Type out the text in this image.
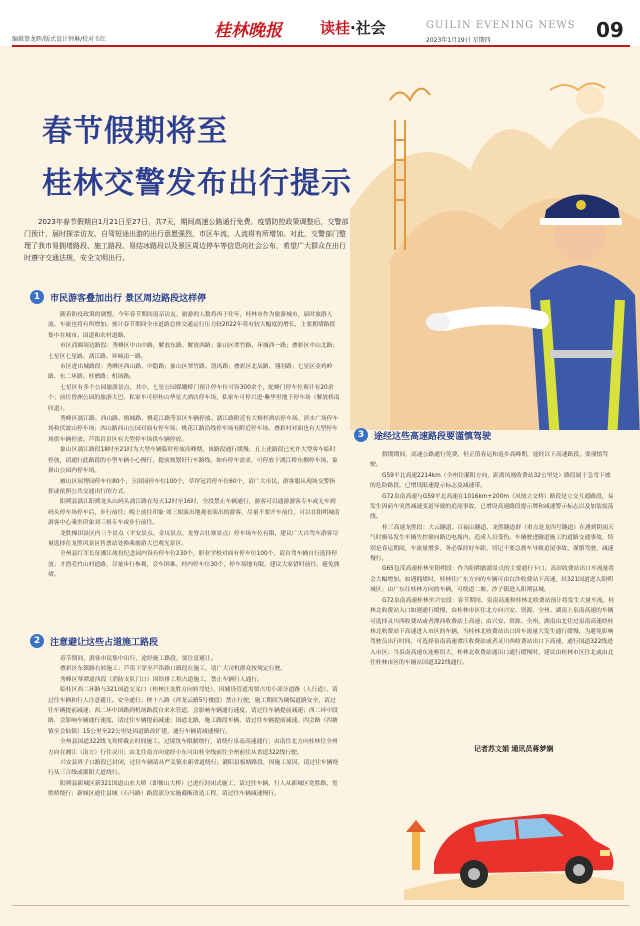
编辑曾龙晖/版式设计钟琳/校对韦红	桂林晚报	读桂·社会	GUILIN EVENING NEWS
2023年1月19日 星期四	09
春节假期将至
桂林交警发布出行提示
2023年春节假期自1月21日至27日，共7天，期间高速公路通行免费。疫情防控政策调整后，交警部门预计，届时探亲访友、自驾短途出游的出行意愿强烈，市区车流、人流将有所增加。对此，交警部门整理了我市易拥堵路段、施工路段、易结冰路段以及景区周边停车等信息向社会公布，希望广大群众在出行时遵守交通法规，安全文明出行。
1	市民游客叠加出行 景区周边路段这样停

随着防疫政策的调整，今年春节期间返亲访友、旅游的人数将再于往年，桂林市作为旅游城市，届时旅游人流、车流也将有所增加。预计春节期间全市道路总体交通运行压力较2022年将有较大幅度的增长，主要拥堵路段集中在城市、国道和农村道路。

市区商圈周边路段：秀峰区中山中路、解放东路、解放西路；象山区翠竹路、环城西一路；叠彩区中山北路；七星区七星路、漓江路、环城南一路。

市区进出城路段：秀峰区西山路、中隐路；象山区翠竹路、凯风路；叠彩区北辰路、翎羽路；七星区金鸡岭路、东二环路、桂磨路；机场路。

七星区有多个公园旅游景点，其中，七星公园媒雕桥门预计停车位可容300余个，驼峰门停车位预计有20余个；前往曾洲公园的旅游大巴、私家车可停桂山华星大酒店停车场，私家车可停兴进·紫华里地下停车场（解放桥南匝道）。

秀峰区漓江路、西山路、榕城路、桃花江路等景区车辆停放。漓江路附近有大榕杉酒店停车场、滨水广场停车场和伏波山停车场；西山路西山公园对面有停车场；桃花江路沿线停车场有附近停车场。叠彩村对面也有大型停车场供车辆停放；芦笛岩景区有大型停车场供车辆停放。

象山区漓江路段18时至21时为大型车辆临时停放高峰期，该路段通行缓慢，且上述路段已允许大型客车临时停放，请通行此路段的小型车辆小心慢行，提前规划好行车路线，如有停车需求，可停放于漓江桥东侧停车场、象鼻山公园内停车场。

雁山区园博园停车位80个，玉围园停车位100个，草坪冠岩停车位60个，请广大市民、游客服从现场交警指挥或依照公共交通出行的方式。

阳朔县漓江阳朔龙头山码头漓江路在每天12时至16时，全段禁止车辆通行，游客可以通游游客专车或无车到码头停车场停车后，步行前往；晚上前往印象·刘三姐演出地观看演出的游客，尽量不要开车前往，可以在阳朔城南游客中心乘坐印象刘三姐专车或步行前往。

龙胜梯田景区内三个景点（平安景点、金坑景点、龙脊古壮寨景点）停车场车位有限，建议广大自驾车游客尽量选择在龙胜风景区售票站处换乘旅游大巴观光景区。

全州县红军长征湘江战役纪念园内设有停车位230个，职业学校对面有停车位100个，请自驾车辆自行选择停放；才湾毛竹山村道路，尽量步行参观，会车困难。村内停车位30个，停车场地有限，建议大家错时前往，避免拥堵。

2	注意避让这些占道施工路段

春节期间，游客市民集中出行，途经施工路段，要注意避让。

叠彩区东镇路右转施工：芦笛下穿至芦笛路口路段在施工，请广大司机群众按规定行驶。

秀峰区琴潭道西段（消防支队门口）因给排工程占道施工，禁止车辆行人通行。

临桂区西二环路与321国道交叉口（桂林庄龙胜方向转弯处），因辅设管道需要占用小部分道路（人行道），请过往车辆和行人注意避让。安全通行；秧十八路（祥龙云路5号楼段）禁止行驶，施工期间为确保道路安全，请过往车辆提前减速；西二环中国路到机场路段自来水管道，会影响车辆通行速度，请过往车辆提前减速；西二环中段路，会影响车辆通行速度，请过往车辆提前减速；国道北路，施工路段车辆，请过往车辆提前减速。四会路（四塘镇至会仙镇）15公里至22公里处因道路改扩建，通行车辆请减速慢行。

全州县国道322线飞鸾桥截止时间施工，过境货车限制绕行，请绕行泉南高速通行；由南往北方向桂林往全州方向在湘江（南方）行往灵川；由北往南方向途经小东可由桂全线前往全州前往从省道322线行驶。

兴安县界子口路段已封闭，过往车辆请从严关镇水新省道绕行；灌阳县板塘路段，因施工原因，请过往车辆绕行从三合线或灌阳大道绕行。

阳朔县新城区新321国道山水大桥（即鳌山大桥）已进行封闭式施工，请过往车辆、行人从新城区宽胜路、宽胜桥绕行；新城区通往县城（石马路）路段部分实施截断改造工程，请过往车辆减速慢行。

3	途经这些高速路段要谨慎驾驶

假期期间，高速公路通行免费，但正值春运和返乡高峰期，途经以下高速路段，要谨慎驾驶。

G59平北高速2214km（全州往灌阳方向，距离凤凰收费站32公里处）路段属于急弯下坡的危险路段，已增设限速提示标志及减速带。

G72泉南高速与G59平北高速在1016km+200m（凤凰立交桥）路段是立交互通路段，易发生因前车突然减速变道导致的追尾事故，已增设高速路段提示牌和减速警示标志以及加装震荡线。

桂三高速龙胜段：大云隧道、百福山隧道、龙胜隧道群（重点是龙四号隧道）在遇到阴雨天气时极易发生车辆失控撞向路边电瓶内、造成人员受伤。车辆驶进隧道施工的道路交通事故，特别是春运期间，车流量增多，务必保持好车距，切记不要急刹车导致追尾事故，谨慎驾驶，减速慢行。

G65包茂高速桂林至阳朔段：作为阳朔旅游景点的主要通行卡口，高田收费站出口车流量将会大幅增加。如遇拥堵时，桂林往广东方向的车辆可由白沙收费站下高速，经321国道进入阳朔城区；由广东往桂林方向的车辆，可绕道二塘、沙子镇进入阳朔县城。

G72泉南高速桂林至兴安段：春节期间，泉南高速和桂林北收费站预计将发生大量车流。桂林北收费站入口如遇通行缓慢，由桂林市区往北方向兴安、资源、全州、湖南上泉南高速的车辆可选择灵川西收费站或者潭西收费站上高速；由兴安、资源、全州、湖南由北往过泉南高速经桂林北收费站下高速进入市区的车辆，当桂林北收费站出口因车流量大发生通行缓慢，为避免影响驾驶员出行时间，可选择泉南高速谭江收费站或者灵川西收费站出口下高速，通行国道322线进入市区；当泉南高速东连枢纽大，桂林北收费站通出口通行缓慢时，建议由桂林市区往北或由北往桂林市区的车辆从国道322线通行。

记者苏文娟 通讯员蒋梦娴
